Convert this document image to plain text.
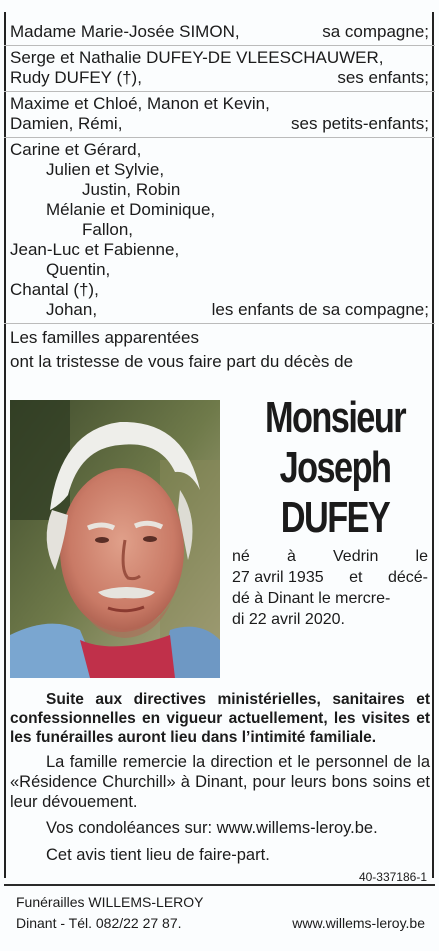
Madame Marie-Josée SIMON,	sa compagne;
Serge et Nathalie DUFEY-DE VLEESCHAUWER,
Rudy DUFEY (†),	ses enfants;
Maxime et Chloé, Manon et Kevin,
Damien, Rémi,	ses petits-enfants;
Carine et Gérard,
Julien et Sylvie,
Justin, Robin
Mélanie et Dominique,
Fallon,
Jean-Luc et Fabienne,
Quentin,
Chantal (†),
Johan,	les enfants de sa compagne;
Les familles apparentées
ont la tristesse de vous faire part du décès de
Monsieur
Joseph
DUFEY
né à Vedrin le
27 avril 1935 et décé-
dé à Dinant le mercre-
di 22 avril 2020.
Suite aux directives ministérielles, sanitaires et confessionnelles en vigueur actuellement, les visites et les funérailles auront lieu dans l’intimité familiale.
La famille remercie la direction et le personnel de la «Résidence Churchill» à Dinant, pour leurs bons soins et leur dévouement.
Vos condoléances sur: www.willems-leroy.be.
Cet avis tient lieu de faire-part.
40-337186-1
Funérailles WILLEMS-LEROY
Dinant - Tél. 082/22 27 87.	www.willems-leroy.be
